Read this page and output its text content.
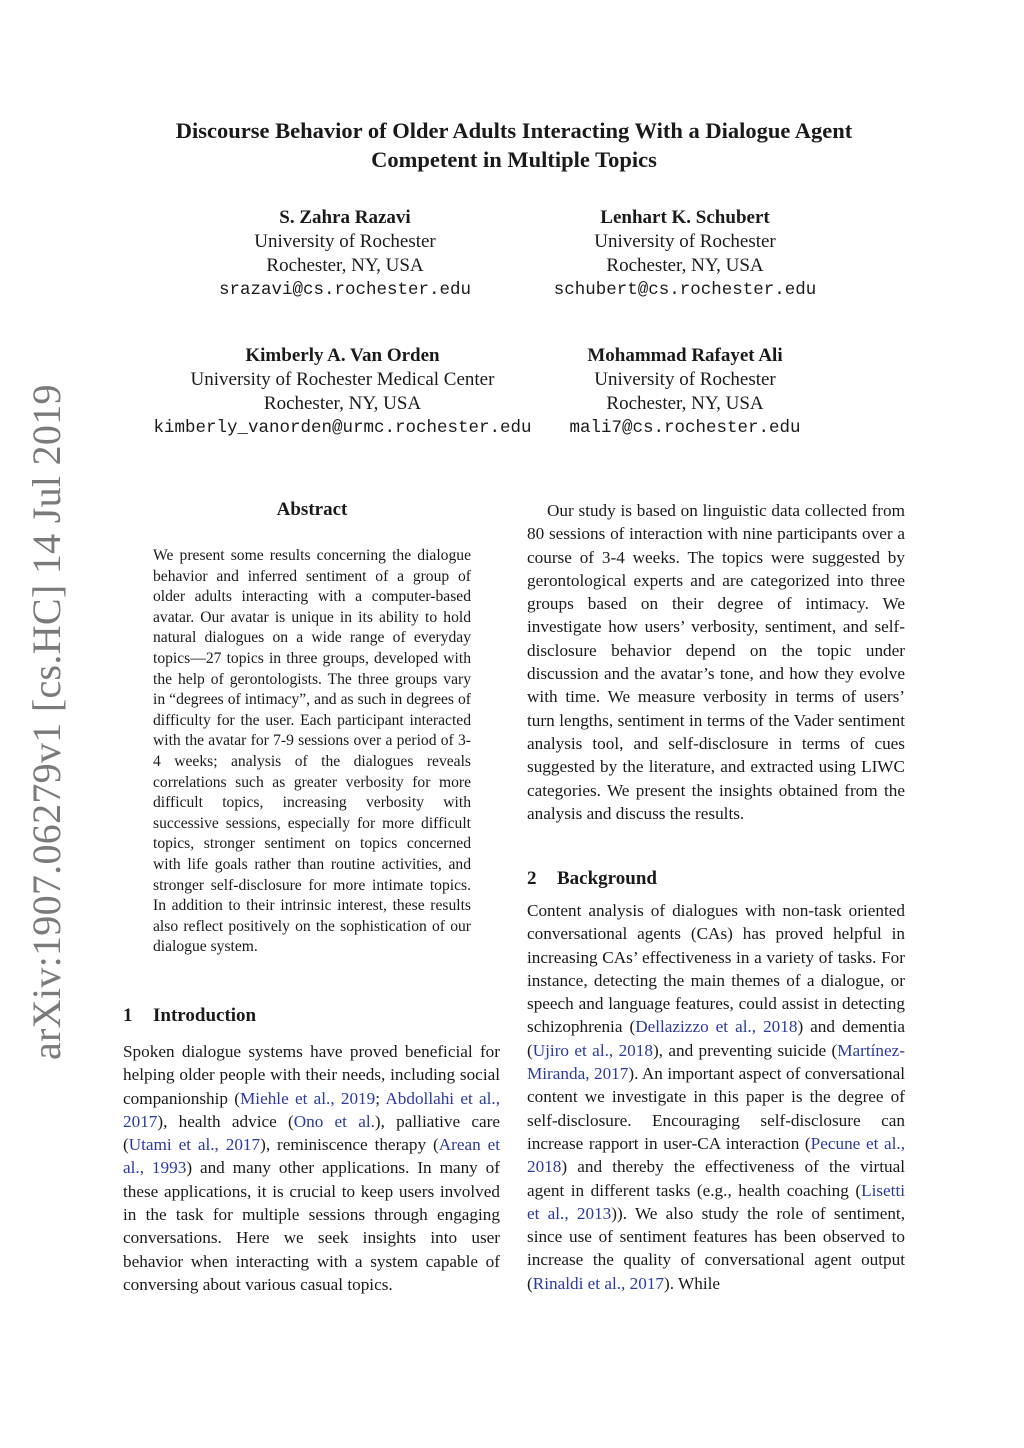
arXiv:1907.06279v1 [cs.HC] 14 Jul 2019
Discourse Behavior of Older Adults Interacting With a Dialogue Agent
Competent in Multiple Topics
S. Zahra Razavi
University of Rochester
Rochester, NY, USA
srazavi@cs.rochester.edu
Lenhart K. Schubert
University of Rochester
Rochester, NY, USA
schubert@cs.rochester.edu
Kimberly A. Van Orden
University of Rochester Medical Center
Rochester, NY, USA
kimberly_vanorden@urmc.rochester.edu
Mohammad Rafayet Ali
University of Rochester
Rochester, NY, USA
mali7@cs.rochester.edu
Abstract
We present some results concerning the dialogue behavior and inferred sentiment of a group of older adults interacting with a computer-based avatar. Our avatar is unique in its ability to hold natural dialogues on a wide range of everyday topics—27 topics in three groups, developed with the help of gerontologists. The three groups vary in “degrees of intimacy”, and as such in degrees of difficulty for the user. Each participant interacted with the avatar for 7-9 sessions over a period of 3-4 weeks; analysis of the dialogues reveals correlations such as greater verbosity for more difficult topics, increasing verbosity with successive sessions, especially for more difficult topics, stronger sentiment on topics concerned with life goals rather than routine activities, and stronger self-disclosure for more intimate topics. In addition to their intrinsic interest, these results also reflect positively on the sophistication of our dialogue system.
1 Introduction
Spoken dialogue systems have proved beneficial for helping older people with their needs, including social companionship (Miehle et al., 2019; Abdollahi et al., 2017), health advice (Ono et al.), palliative care (Utami et al., 2017), reminiscence therapy (Arean et al., 1993) and many other applications. In many of these applications, it is crucial to keep users involved in the task for multiple sessions through engaging conversations. Here we seek insights into user behavior when interacting with a system capable of conversing about various casual topics.
Our study is based on linguistic data collected from 80 sessions of interaction with nine participants over a course of 3-4 weeks. The topics were suggested by gerontological experts and are categorized into three groups based on their degree of intimacy. We investigate how users’ verbosity, sentiment, and self-disclosure behavior depend on the topic under discussion and the avatar’s tone, and how they evolve with time. We measure verbosity in terms of users’ turn lengths, sentiment in terms of the Vader sentiment analysis tool, and self-disclosure in terms of cues suggested by the literature, and extracted using LIWC categories. We present the insights obtained from the analysis and discuss the results.
2 Background
Content analysis of dialogues with non-task oriented conversational agents (CAs) has proved helpful in increasing CAs’ effectiveness in a variety of tasks. For instance, detecting the main themes of a dialogue, or speech and language features, could assist in detecting schizophrenia (Dellazizzo et al., 2018) and dementia (Ujiro et al., 2018), and preventing suicide (Martínez-Miranda, 2017). An important aspect of conversational content we investigate in this paper is the degree of self-disclosure. Encouraging self-disclosure can increase rapport in user-CA interaction (Pecune et al., 2018) and thereby the effectiveness of the virtual agent in different tasks (e.g., health coaching (Lisetti et al., 2013)). We also study the role of sentiment, since use of sentiment features has been observed to increase the quality of conversational agent output (Rinaldi et al., 2017). While
